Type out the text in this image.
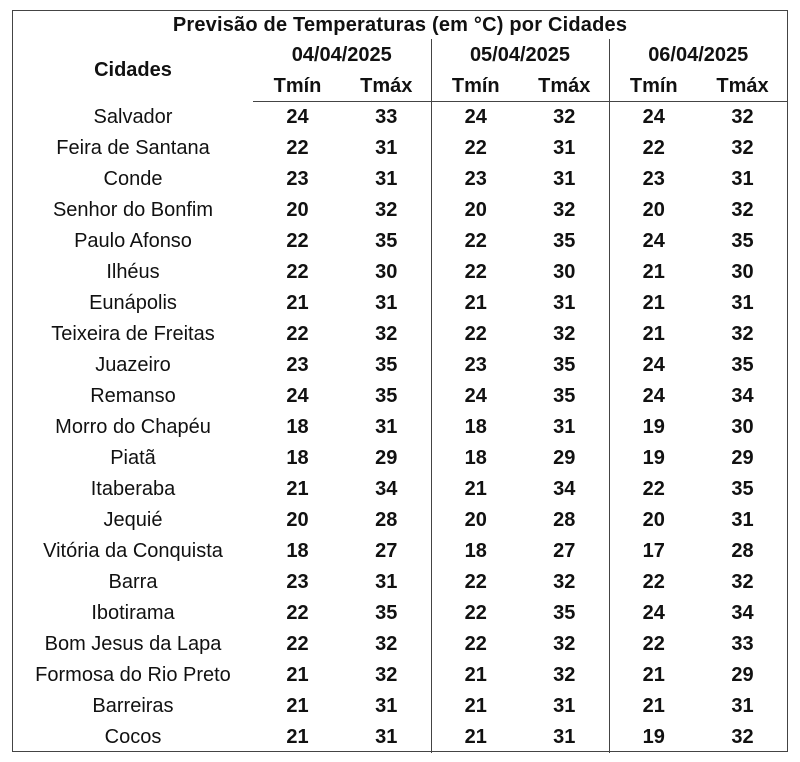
Previsão de Temperaturas (em °C) por Cidades						
Cidades	04/04/2025		05/04/2025		06/04/2025	
	Tmín	Tmáx	Tmín	Tmáx	Tmín	Tmáx
Salvador	24	33	24	32	24	32
Feira de Santana	22	31	22	31	22	32
Conde	23	31	23	31	23	31
Senhor do Bonfim	20	32	20	32	20	32
Paulo Afonso	22	35	22	35	24	35
Ilhéus	22	30	22	30	21	30
Eunápolis	21	31	21	31	21	31
Teixeira de Freitas	22	32	22	32	21	32
Juazeiro	23	35	23	35	24	35
Remanso	24	35	24	35	24	34
Morro do Chapéu	18	31	18	31	19	30
Piatã	18	29	18	29	19	29
Itaberaba	21	34	21	34	22	35
Jequié	20	28	20	28	20	31
Vitória da Conquista	18	27	18	27	17	28
Barra	23	31	22	32	22	32
Ibotirama	22	35	22	35	24	34
Bom Jesus da Lapa	22	32	22	32	22	33
Formosa do Rio Preto	21	32	21	32	21	29
Barreiras	21	31	21	31	21	31
Cocos	21	31	21	31	19	32
